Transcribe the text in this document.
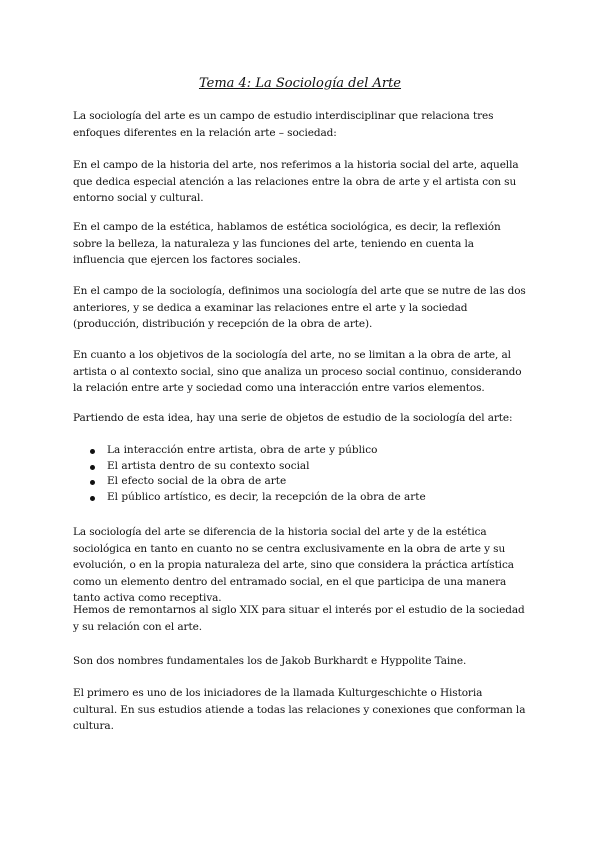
Tema 4: La Sociología del Arte

La sociología del arte es un campo de estudio interdisciplinar que relaciona tres enfoques diferentes en la relación arte – sociedad:

En el campo de la historia del arte, nos referimos a la historia social del arte, aquella que dedica especial atención a las relaciones entre la obra de arte y el artista con su entorno social y cultural.

En el campo de la estética, hablamos de estética sociológica, es decir, la reflexión sobre la belleza, la naturaleza y las funciones del arte, teniendo en cuenta la influencia que ejercen los factores sociales.

En el campo de la sociología, definimos una sociología del arte que se nutre de las dos anteriores, y se dedica a examinar las relaciones entre el arte y la sociedad (producción, distribución y recepción de la obra de arte).

En cuanto a los objetivos de la sociología del arte, no se limitan a la obra de arte, al artista o al contexto social, sino que analiza un proceso social continuo, considerando la relación entre arte y sociedad como una interacción entre varios elementos.

Partiendo de esta idea, hay una serie de objetos de estudio de la sociología del arte:

La interacción entre artista, obra de arte y público
El artista dentro de su contexto social
El efecto social de la obra de arte
El público artístico, es decir, la recepción de la obra de arte

La sociología del arte se diferencia de la historia social del arte y de la estética sociológica en tanto en cuanto no se centra exclusivamente en la obra de arte y su evolución, o en la propia naturaleza del arte, sino que considera la práctica artística como un elemento dentro del entramado social, en el que participa de una manera tanto activa como receptiva.

Hemos de remontarnos al siglo XIX para situar el interés por el estudio de la sociedad y su relación con el arte.

Son dos nombres fundamentales los de Jakob Burkhardt e Hyppolite Taine.

El primero es uno de los iniciadores de la llamada Kulturgeschichte o Historia cultural. En sus estudios atiende a todas las relaciones y conexiones que conforman la cultura.
